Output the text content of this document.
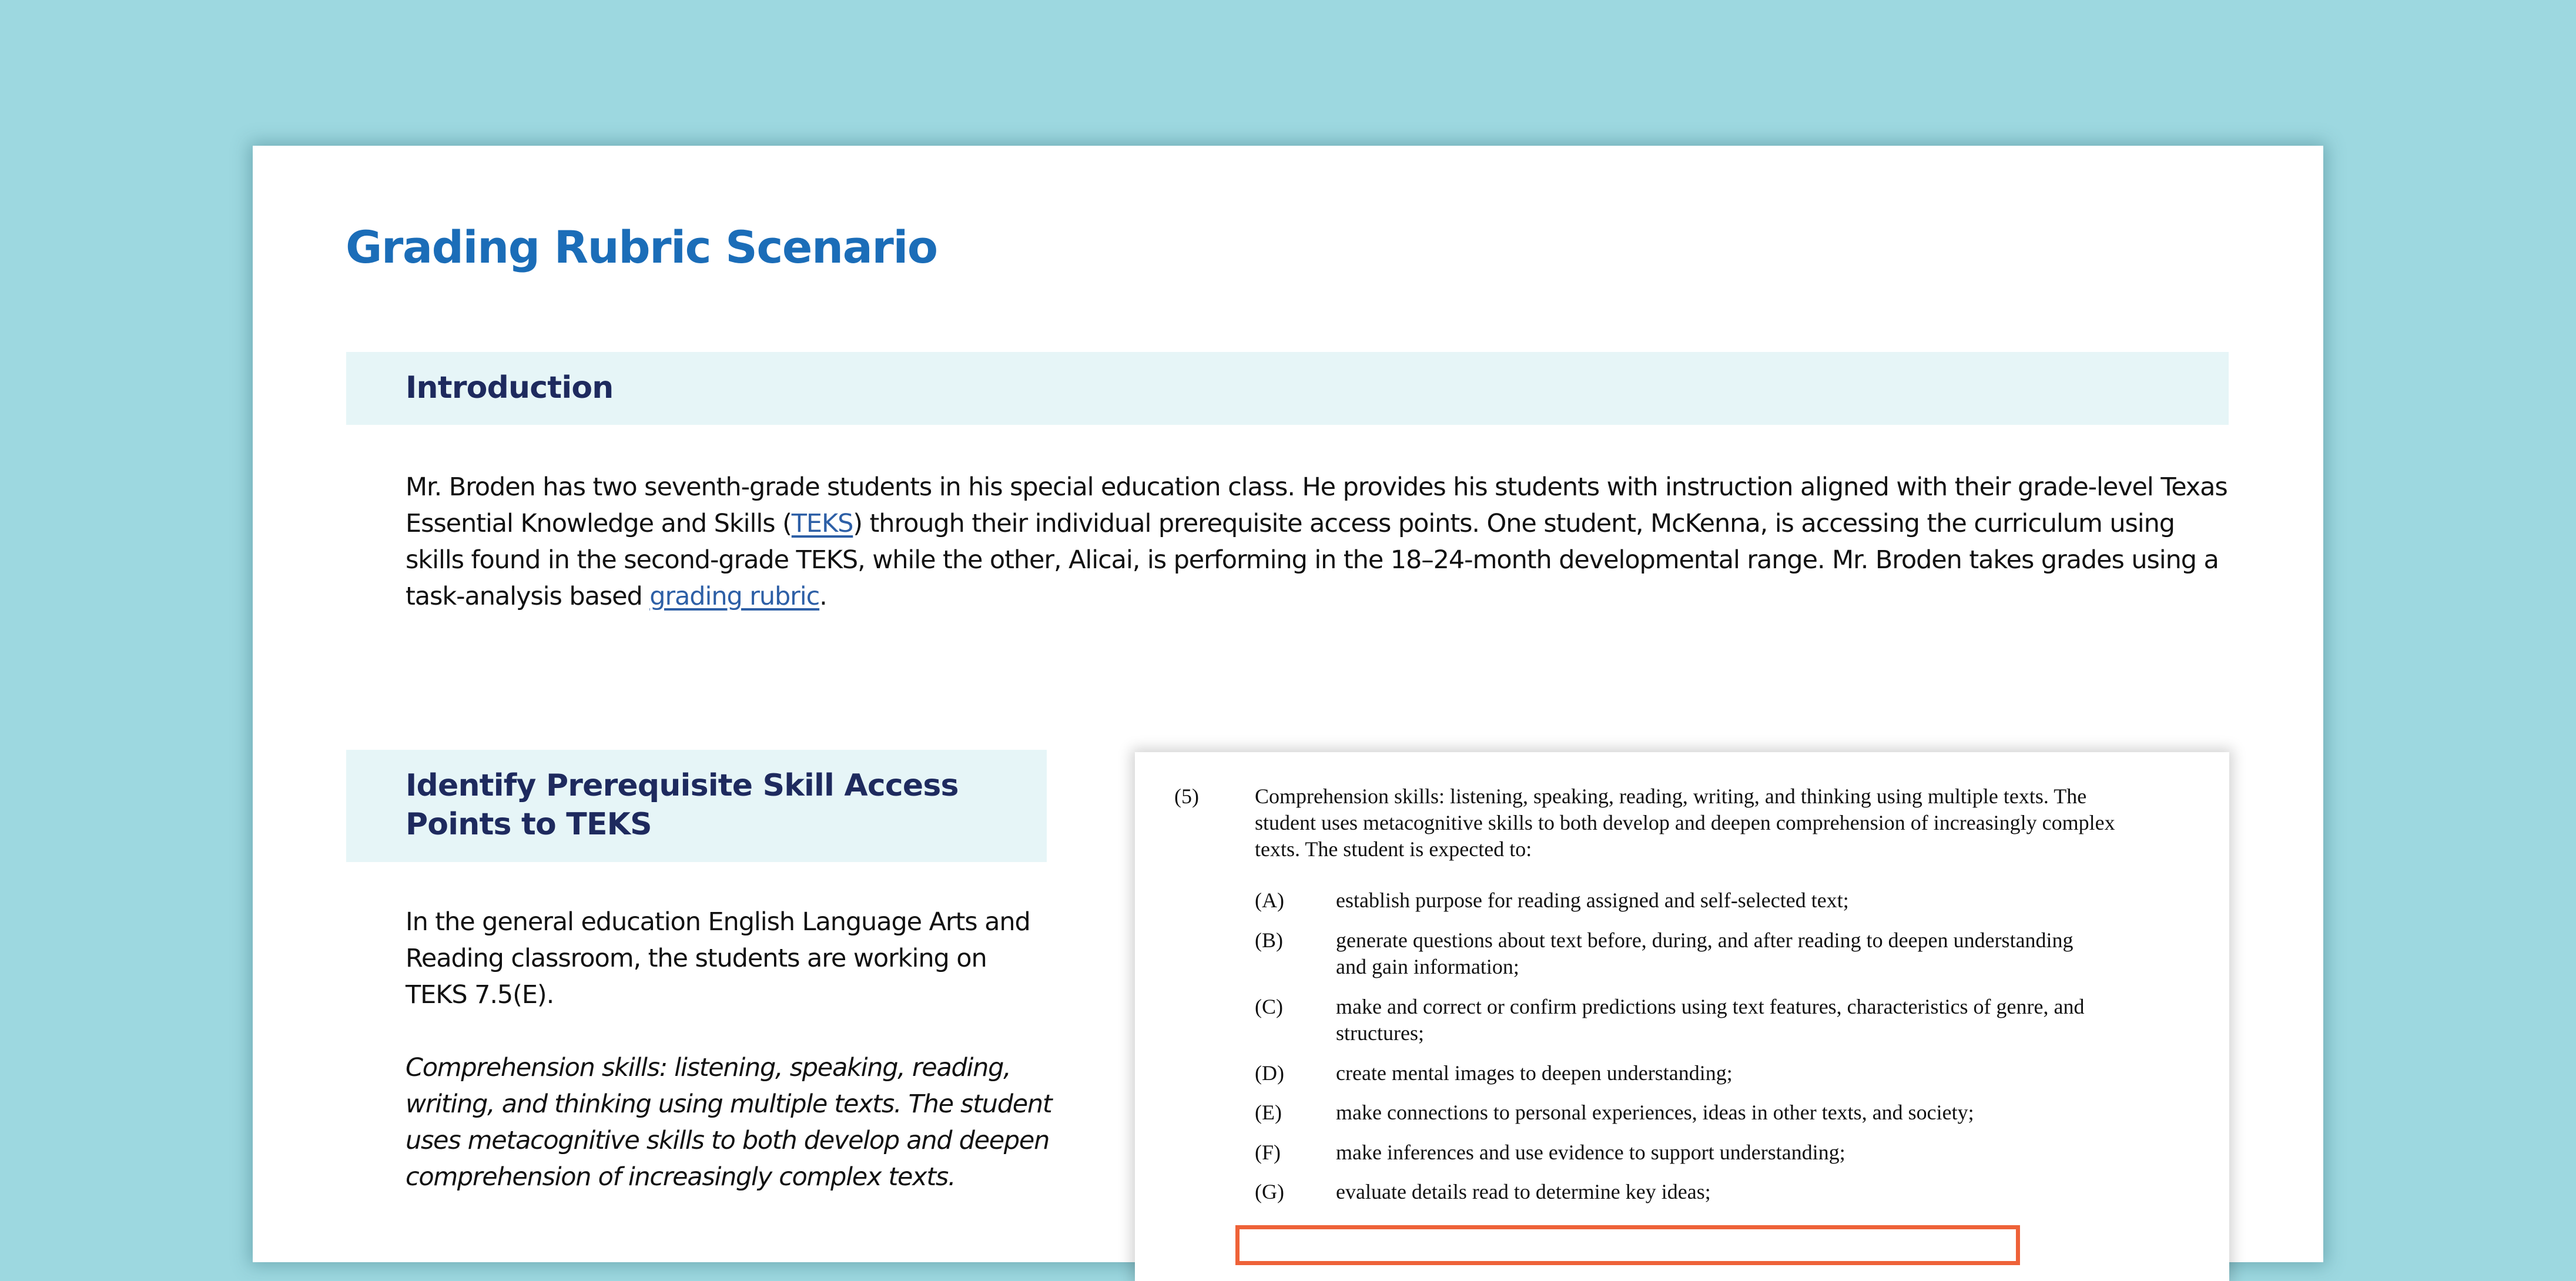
Grading Rubric Scenario
Introduction

Mr. Broden has two seventh-grade students in his special education class. He provides his students with instruction aligned with their grade-level Texas Essential Knowledge and Skills (TEKS) through their individual prerequisite access points. One student, McKenna, is accessing the curriculum using skills found in the second-grade TEKS, while the other, Alicai, is performing in the 18–24-month developmental range. Mr. Broden takes grades using a task-analysis based grading rubric.

Identify Prerequisite Skill Access Points to TEKS

In the general education English Language Arts and Reading classroom, the students are working on TEKS 7.5(E).

Comprehension skills: listening, speaking, reading, writing, and thinking using multiple texts. The student uses metacognitive skills to both develop and deepen comprehension of increasingly complex texts.

(5)	Comprehension skills: listening, speaking, reading, writing, and thinking using multiple texts. The student uses metacognitive skills to both develop and deepen comprehension of increasingly complex texts. The student is expected to:
(A) establish purpose for reading assigned and self-selected text;
(B)	generate questions about text before, during, and after reading to deepen understanding and gain information;
(C)	make and correct or confirm predictions using text features, characteristics of genre, and structures;
(D) create mental images to deepen understanding;
(E)	make connections to personal experiences, ideas in other texts, and society;
(F)	make inferences and use evidence to support understanding;
(G) evaluate details read to determine key ideas;
